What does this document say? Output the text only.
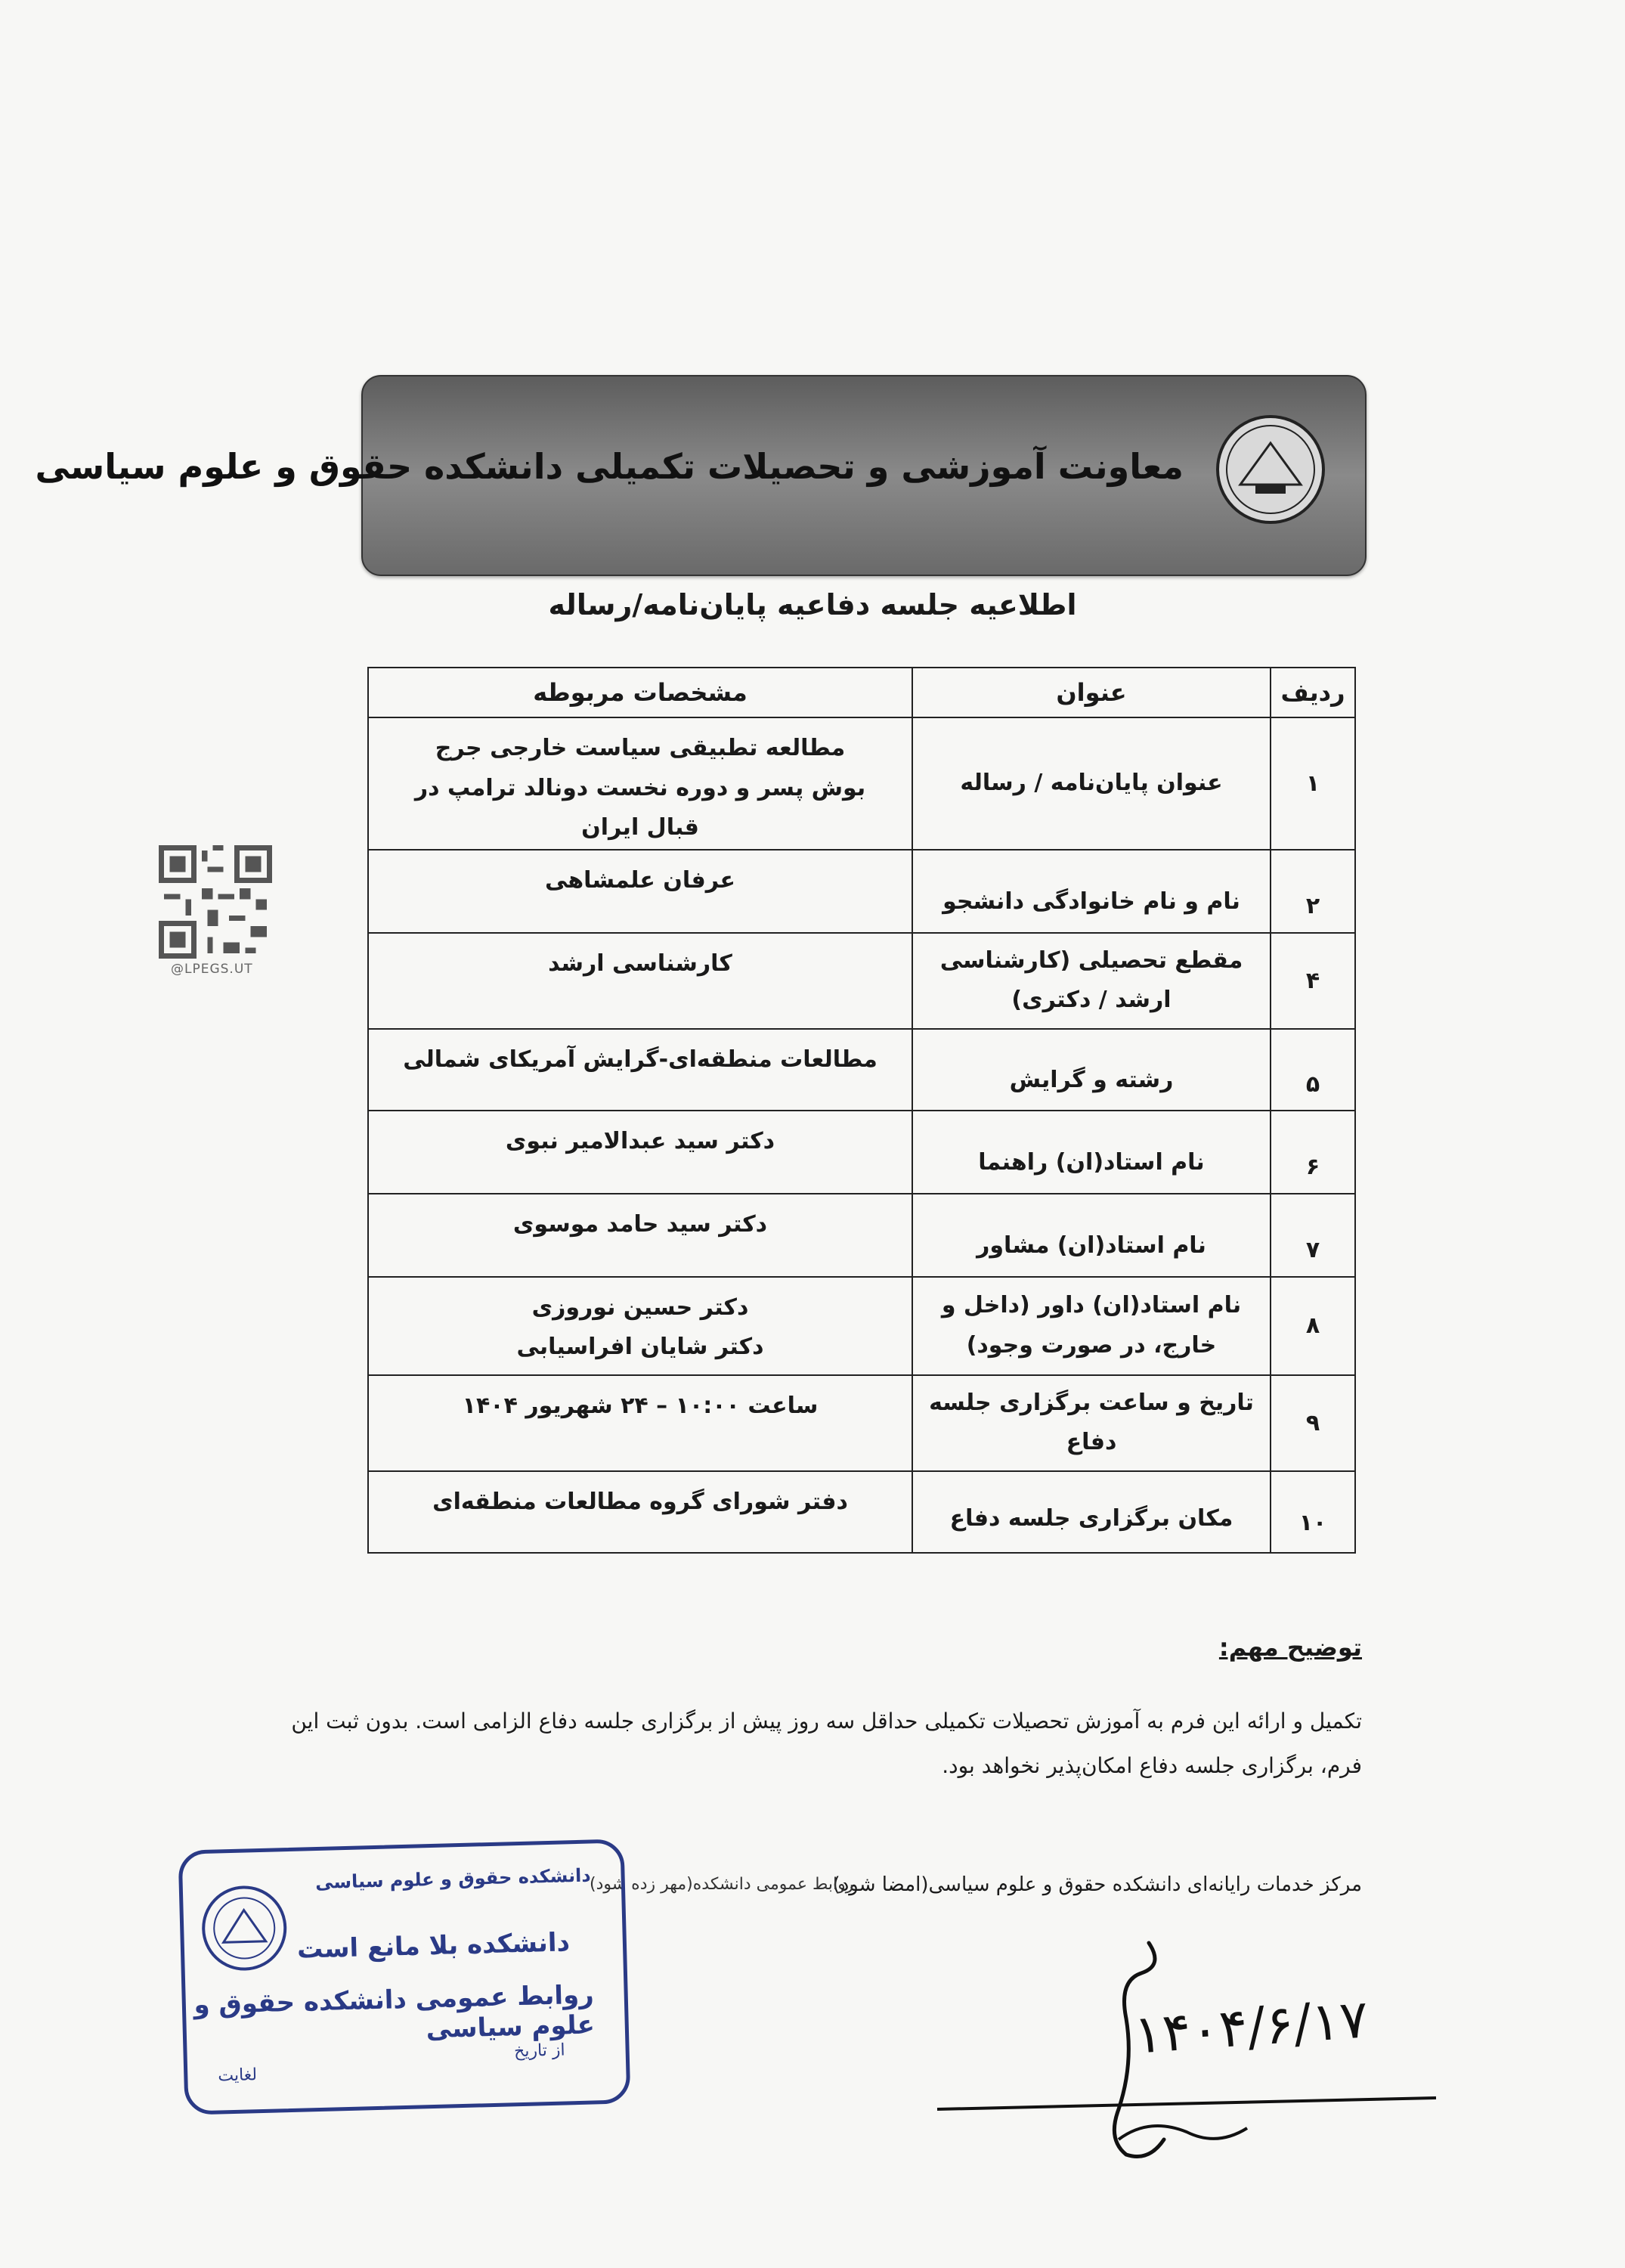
معاونت آموزشی و تحصیلات تکمیلی دانشکده حقوق و علوم سیاسی
اطلاعیه جلسه دفاعیه پایان‌نامه/رساله
ردیف	عنوان	مشخصات مربوطه
۱	عنوان پایان‌نامه / رساله	مطالعه تطبیقی سیاست خارجی جرج بوش پسر و دوره نخست دونالد ترامپ در قبال ایران
۲	نام و نام خانوادگی دانشجو	عرفان علمشاهی
۴	مقطع تحصیلی (کارشناسی ارشد / دکتری)	کارشناسی ارشد
۵	رشته و گرایش	مطالعات منطقه‌ای-گرایش آمریکای شمالی
۶	نام استاد(ان) راهنما	دکتر سید عبدالامیر نبوی
۷	نام استاد(ان) مشاور	دکتر سید حامد موسوی
۸	نام استاد(ان) داور (داخل و خارج، در صورت وجود)	دکتر حسین نوروزی
دکتر شایان افراسیابی

۹	تاریخ و ساعت برگزاری جلسه دفاع	ساعت ۱۰:۰۰ – ۲۴ شهریور ۱۴۰۴
۱۰	مکان برگزاری جلسه دفاع	دفتر شورای گروه مطالعات منطقه‌ای
@LPEGS.UT
توضیح مهم:
تکمیل و ارائه این فرم به آموزش تحصیلات تکمیلی حداقل سه روز پیش از برگزاری جلسه دفاع الزامی است. بدون ثبت این فرم، برگزاری جلسه دفاع امکان‌پذیر نخواهد بود.
مرکز خدمات رایانه‌ای دانشکده حقوق و علوم سیاسی(امضا شود)
روابط عمومی دانشکده(مهر زده شود)
دانشکده حقوق و علوم سیاسی
دانشکده بلا مانع است
روابط عمومی دانشکده حقوق و علوم سیاسی
از تاریخ
لغایت
۱۴۰۴/۶/۱۷
